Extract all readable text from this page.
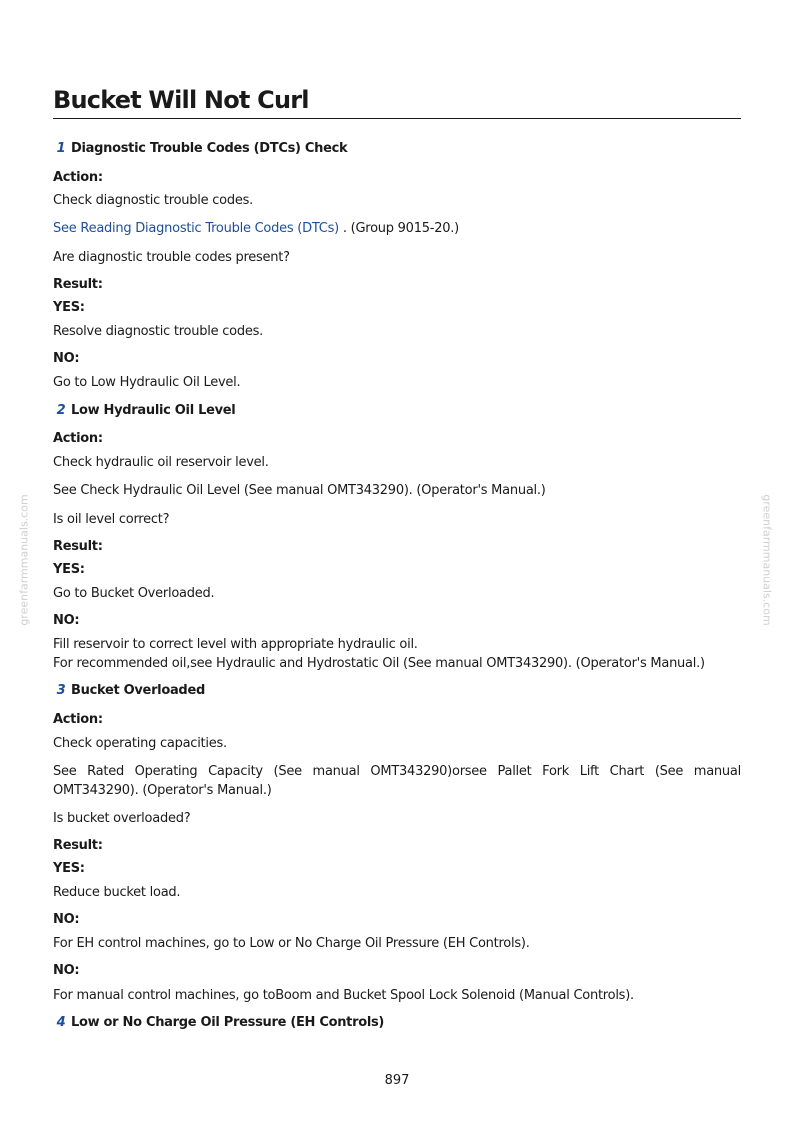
greenfarmmanuals.com	greenfarmmanuals.com
Bucket Will Not Curl
1 Diagnostic Trouble Codes (DTCs) Check
Action:
Check diagnostic trouble codes.
See Reading Diagnostic Trouble Codes (DTCs) . (Group 9015-20.)
Are diagnostic trouble codes present?
Result:
YES:
Resolve diagnostic trouble codes.
NO:
Go to Low Hydraulic Oil Level.
2 Low Hydraulic Oil Level
Action:
Check hydraulic oil reservoir level.
See Check Hydraulic Oil Level (See manual OMT343290). (Operator's Manual.)
Is oil level correct?
Result:
YES:
Go to Bucket Overloaded.
NO:
Fill reservoir to correct level with appropriate hydraulic oil.
For recommended oil,see Hydraulic and Hydrostatic Oil (See manual OMT343290). (Operator's Manual.)
3 Bucket Overloaded
Action:
Check operating capacities.
See Rated Operating Capacity (See manual OMT343290)orsee Pallet Fork Lift Chart (See manual OMT343290). (Operator's Manual.)
Is bucket overloaded?
Result:
YES:
Reduce bucket load.
NO:
For EH control machines, go to Low or No Charge Oil Pressure (EH Controls).
NO:
For manual control machines, go toBoom and Bucket Spool Lock Solenoid (Manual Controls).
4 Low or No Charge Oil Pressure (EH Controls)
897
